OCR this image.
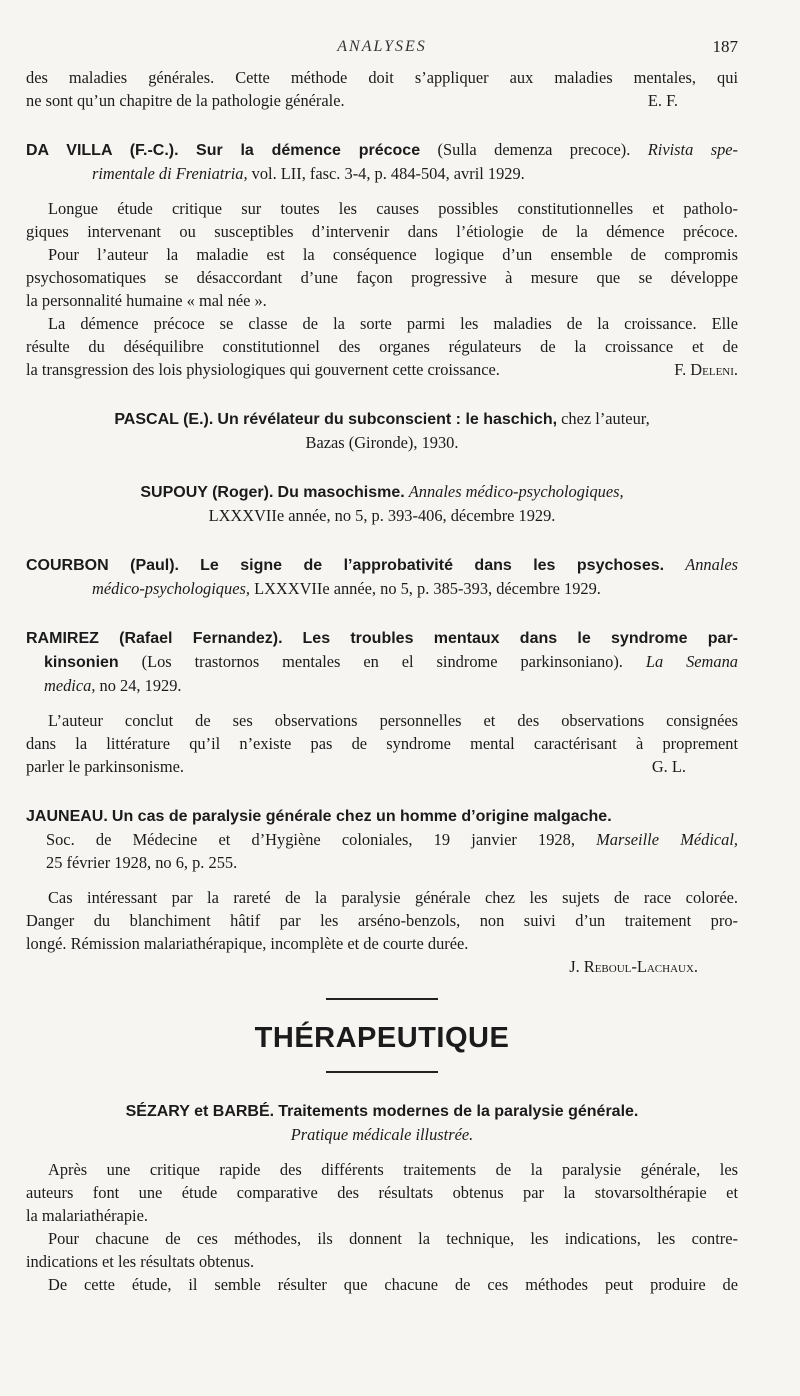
ANALYSES	187

des maladies générales. Cette méthode doit s’appliquer aux maladies mentales, qui

ne sont qu’un chapitre de la pathologie générale.	E. F.

DA VILLA (F.-C.). Sur la démence précoce (Sulla demenza precoce). Rivista spe-

rimentale di Freniatria, vol. LII, fasc. 3-4, p. 484-504, avril 1929.

Longue étude critique sur toutes les causes possibles constitutionnelles et patholo-

giques intervenant ou susceptibles d’intervenir dans l’étiologie de la démence précoce.

Pour l’auteur la maladie est la conséquence logique d’un ensemble de compromis

psychosomatiques se désaccordant d’une façon progressive à mesure que se développe

la personnalité humaine « mal née ».

La démence précoce se classe de la sorte parmi les maladies de la croissance. Elle

résulte du déséquilibre constitutionnel des organes régulateurs de la croissance et de

la transgression des lois physiologiques qui gouvernent cette croissance.	F. Deleni.

PASCAL (E.). Un révélateur du subconscient : le haschich, chez l’auteur,

Bazas (Gironde), 1930.

SUPOUY (Roger). Du masochisme. Annales médico-psychologiques,

LXXXVIIe année, no 5, p. 393-406, décembre 1929.

COURBON (Paul). Le signe de l’approbativité dans les psychoses. Annales

médico-psychologiques, LXXXVIIe année, no 5, p. 385-393, décembre 1929.

RAMIREZ (Rafael Fernandez). Les troubles mentaux dans le syndrome par-

kinsonien (Los trastornos mentales en el sindrome parkinsoniano). La Semana

medica, no 24, 1929.

L’auteur conclut de ses observations personnelles et des observations consignées

dans la littérature qu’il n’existe pas de syndrome mental caractérisant à proprement

parler le parkinsonisme.	G. L.

JAUNEAU. Un cas de paralysie générale chez un homme d’origine malgache.

Soc. de Médecine et d’Hygiène coloniales, 19 janvier 1928, Marseille Médical,

25 février 1928, no 6, p. 255.

Cas intéressant par la rareté de la paralysie générale chez les sujets de race colorée.

Danger du blanchiment hâtif par les arséno-benzols, non suivi d’un traitement pro-

longé. Rémission malariathérapique, incomplète et de courte durée.

J. Reboul-Lachaux.

THÉRAPEUTIQUE

SÉZARY et BARBÉ. Traitements modernes de la paralysie générale.

Pratique médicale illustrée.

Après une critique rapide des différents traitements de la paralysie générale, les

auteurs font une étude comparative des résultats obtenus par la stovarsolthérapie et

la malariathérapie.

Pour chacune de ces méthodes, ils donnent la technique, les indications, les contre-

indications et les résultats obtenus.

De cette étude, il semble résulter que chacune de ces méthodes peut produire de
